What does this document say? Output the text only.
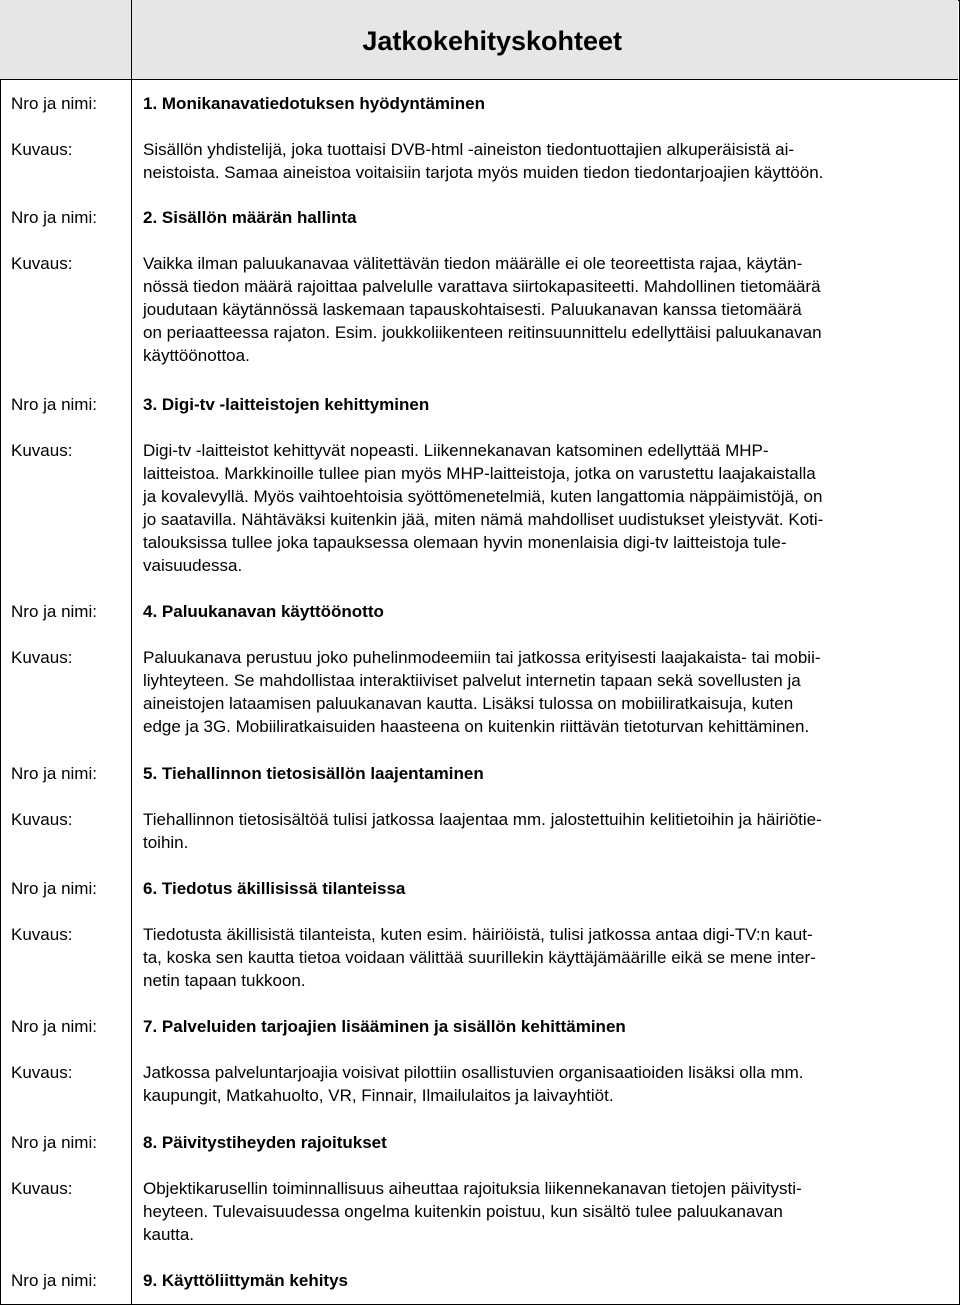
Jatkokehityskohteet
Nro ja nimi:	1. Monikanavatiedotuksen hyödyntäminen
Kuvaus:	Sisällön yhdistelijä, joka tuottaisi DVB-html -aineiston tiedontuottajien alkuperäisistä ai-
neistoista. Samaa aineistoa voitaisiin tarjota myös muiden tiedon tiedontarjoajien käyttöön.
Nro ja nimi:	2. Sisällön määrän hallinta
Kuvaus:	Vaikka ilman paluukanavaa välitettävän tiedon määrälle ei ole teoreettista rajaa, käytän-
nössä tiedon määrä rajoittaa palvelulle varattava siirtokapasiteetti. Mahdollinen tietomäärä
joudutaan käytännössä laskemaan tapauskohtaisesti. Paluukanavan kanssa tietomäärä
on periaatteessa rajaton. Esim. joukkoliikenteen reitinsuunnittelu edellyttäisi paluukanavan
käyttöönottoa.
Nro ja nimi:	3. Digi-tv -laitteistojen kehittyminen
Kuvaus:	Digi-tv -laitteistot kehittyvät nopeasti. Liikennekanavan katsominen edellyttää MHP-
laitteistoa. Markkinoille tullee pian myös MHP-laitteistoja, jotka on varustettu laajakaistalla
ja kovalevyllä. Myös vaihtoehtoisia syöttömenetelmiä, kuten langattomia näppäimistöjä, on
jo saatavilla. Nähtäväksi kuitenkin jää, miten nämä mahdolliset uudistukset yleistyvät. Koti-
talouksissa tullee joka tapauksessa olemaan hyvin monenlaisia digi-tv laitteistoja tule-
vaisuudessa.
Nro ja nimi:	4. Paluukanavan käyttöönotto
Kuvaus:	Paluukanava perustuu joko puhelinmodeemiin tai jatkossa erityisesti laajakaista- tai mobii-
liyhteyteen. Se mahdollistaa interaktiiviset palvelut internetin tapaan sekä sovellusten ja
aineistojen lataamisen paluukanavan kautta. Lisäksi tulossa on mobiiliratkaisuja, kuten
edge ja 3G. Mobiiliratkaisuiden haasteena on kuitenkin riittävän tietoturvan kehittäminen.
Nro ja nimi:	5. Tiehallinnon tietosisällön laajentaminen
Kuvaus:	Tiehallinnon tietosisältöä tulisi jatkossa laajentaa mm. jalostettuihin kelitietoihin ja häiriötie-
toihin.
Nro ja nimi:	6. Tiedotus äkillisissä tilanteissa
Kuvaus:	Tiedotusta äkillisistä tilanteista, kuten esim. häiriöistä, tulisi jatkossa antaa digi-TV:n kaut-
ta, koska sen kautta tietoa voidaan välittää suurillekin käyttäjämäärille eikä se mene inter-
netin tapaan tukkoon.
Nro ja nimi:	7. Palveluiden tarjoajien lisääminen ja sisällön kehittäminen
Kuvaus:	Jatkossa palveluntarjoajia voisivat pilottiin osallistuvien organisaatioiden lisäksi olla mm.
kaupungit, Matkahuolto, VR, Finnair, Ilmailulaitos ja laivayhtiöt.
Nro ja nimi:	8. Päivitystiheyden rajoitukset
Kuvaus:	Objektikarusellin toiminnallisuus aiheuttaa rajoituksia liikennekanavan tietojen päivitysti-
heyteen. Tulevaisuudessa ongelma kuitenkin poistuu, kun sisältö tulee paluukanavan
kautta.
Nro ja nimi:	9. Käyttöliittymän kehitys
